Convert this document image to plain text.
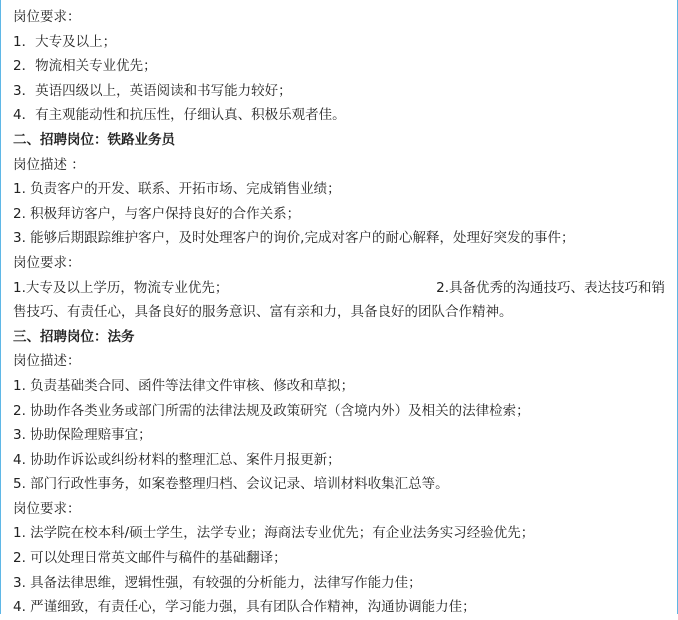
岗位要求：
1．大专及以上；
2．物流相关专业优先；
3．英语四级以上，英语阅读和书写能力较好；
4．有主观能动性和抗压性，仔细认真、积极乐观者佳。
二、招聘岗位：铁路业务员
岗位描述 ：
1. 负责客户的开发、联系、开拓市场、完成销售业绩；
2. 积极拜访客户，与客户保持良好的合作关系；
3. 能够后期跟踪维护客户，及时处理客户的询价,完成对客户的耐心解释，处理好突发的事件；
岗位要求：
1.大专及以上学历，物流专业优先；	2.具备优秀的沟通技巧、表达技巧和销
售技巧、有责任心，具备良好的服务意识、富有亲和力，具备良好的团队合作精神。
三、招聘岗位：法务
岗位描述：
1. 负责基础类合同、函件等法律文件审核、修改和草拟；
2. 协助作各类业务或部门所需的法律法规及政策研究（含境内外）及相关的法律检索；
3. 协助保险理赔事宜；
4. 协助作诉讼或纠纷材料的整理汇总、案件月报更新；
5. 部门行政性事务，如案卷整理归档、会议记录、培训材料收集汇总等。
岗位要求：
1. 法学院在校本科/硕士学生，法学专业；海商法专业优先；有企业法务实习经验优先；
2. 可以处理日常英文邮件与稿件的基础翻译；
3. 具备法律思维，逻辑性强，有较强的分析能力，法律写作能力佳；
4. 严谨细致，有责任心，学习能力强，具有团队合作精神，沟通协调能力佳；
